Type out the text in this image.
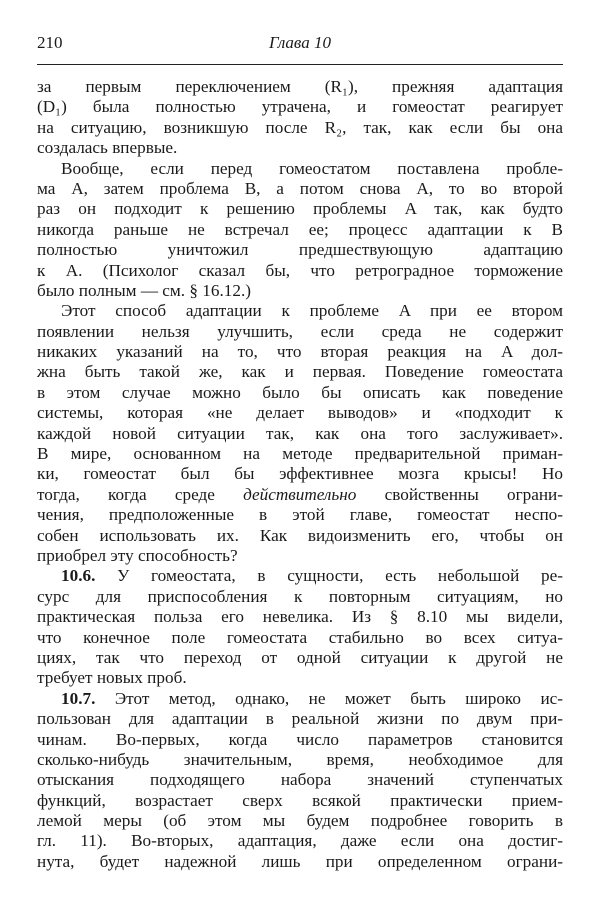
210	Глава 10
за первым переключением (R₁), прежняя адаптация
(D₁) была полностью утрачена, и гомеостат реагирует
на ситуацию, возникшую после R₂, так, как если бы она
создалась впервые.
Вообще, если перед гомеостатом поставлена пробле-
ма A, затем проблема B, а потом снова A, то во второй
раз он подходит к решению проблемы A так, как будто
никогда раньше не встречал ее; процесс адаптации к B
полностью уничтожил предшествующую адаптацию
к A. (Психолог сказал бы, что ретроградное торможение
было полным — см. § 16.12.)
Этот способ адаптации к проблеме A при ее втором
появлении нельзя улучшить, если среда не содержит
никаких указаний на то, что вторая реакция на A дол-
жна быть такой же, как и первая. Поведение гомеостата
в этом случае можно было бы описать как поведение
системы, которая «не делает выводов» и «подходит к
каждой новой ситуации так, как она того заслуживает».
В мире, основанном на методе предварительной приман-
ки, гомеостат был бы эффективнее мозга крысы! Но
тогда, когда среде действительно свойственны ограни-
чения, предположенные в этой главе, гомеостат неспо-
собен использовать их. Как видоизменить его, чтобы он
приобрел эту способность?
10.6. У гомеостата, в сущности, есть небольшой ре-
сурс для приспособления к повторным ситуациям, но
практическая польза его невелика. Из § 8.10 мы видели,
что конечное поле гомеостата стабильно во всех ситуа-
циях, так что переход от одной ситуации к другой не
требует новых проб.
10.7. Этот метод, однако, не может быть широко ис-
пользован для адаптации в реальной жизни по двум при-
чинам. Во-первых, когда число параметров становится
сколько-нибудь значительным, время, необходимое для
отыскания подходящего набора значений ступенчатых
функций, возрастает сверх всякой практически прием-
лемой меры (об этом мы будем подробнее говорить в
гл. 11). Во-вторых, адаптация, даже если она достиг-
нута, будет надежной лишь при определенном ограни-
